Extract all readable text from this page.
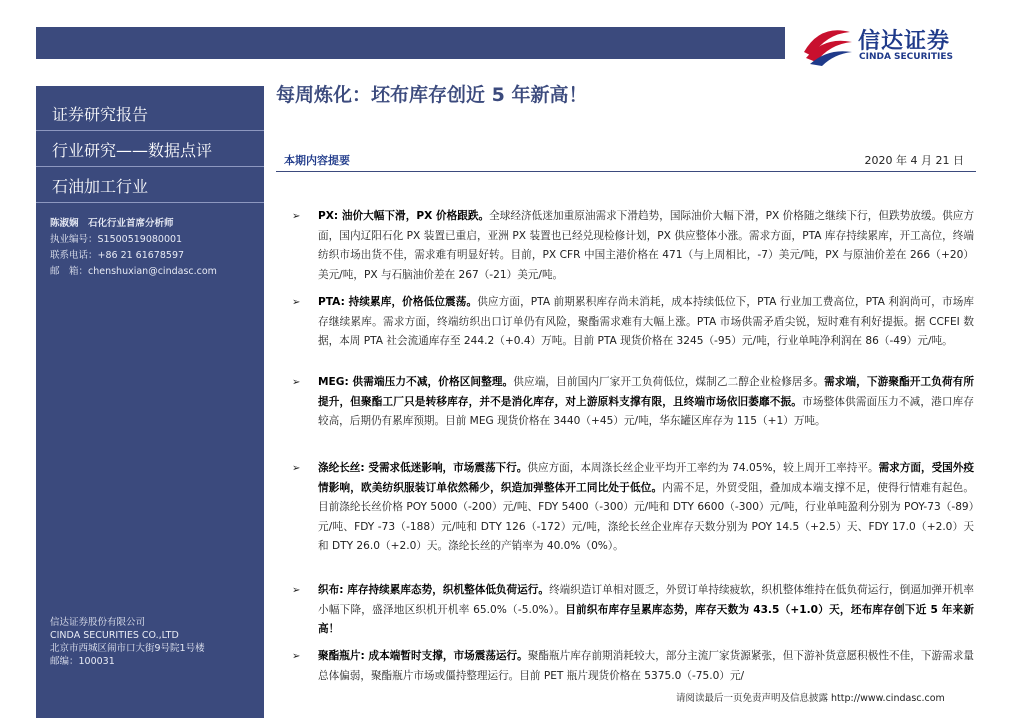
信达证券
CINDA SECURITIES
证券研究报告
行业研究——数据点评
石油加工行业
陈淑娴　 石化行业首席分析师
执业编号：S1500519080001
联系电话：+86 21 61678597
邮　箱：chenshuxian@cindasc.com
信达证券股份有限公司
CINDA SECURITIES CO.,LTD
北京市西城区闹市口大街9号院1号楼
邮编：100031
每周炼化：坯布库存创近 5 年新高！
本期内容提要	2020 年 4 月 21 日
➢ PX: 油价大幅下滑，PX 价格跟跌。全球经济低迷加重原油需求下滑趋势，国际油价大幅下滑，PX 价格随之继续下行，但跌势放缓。供应方面，国内辽阳石化 PX 装置已重启，亚洲 PX 装置也已经兑现检修计划，PX 供应整体小涨。需求方面，PTA 库存持续累库，开工高位，终端纺织市场出货不佳，需求难有明显好转。目前，PX CFR 中国主港价格在 471（与上周相比，-7）美元/吨，PX 与原油价差在 266（+20）美元/吨，PX 与石脑油价差在 267（-21）美元/吨。
➢ PTA: 持续累库，价格低位震荡。供应方面，PTA 前期累积库存尚未消耗，成本持续低位下，PTA 行业加工费高位，PTA 利润尚可，市场库存继续累库。需求方面，终端纺织出口订单仍有风险，聚酯需求难有大幅上涨。PTA 市场供需矛盾尖锐，短时难有利好提振。据 CCFEI 数据，本周 PTA 社会流通库存至 244.2（+0.4）万吨。目前 PTA 现货价格在 3245（-95）元/吨，行业单吨净利润在 86（-49）元/吨。
➢ MEG: 供需端压力不减，价格区间整理。供应端，目前国内厂家开工负荷低位，煤制乙二醇企业检修居多。需求端，下游聚酯开工负荷有所提升，但聚酯工厂只是转移库存，并不是消化库存，对上游原料支撑有限，且终端市场依旧萎靡不振。市场整体供需面压力不减，港口库存较高，后期仍有累库预期。目前 MEG 现货价格在 3440（+45）元/吨，华东罐区库存为 115（+1）万吨。
➢ 涤纶长丝: 受需求低迷影响，市场震荡下行。供应方面，本周涤长丝企业平均开工率约为 74.05%，较上周开工率持平。需求方面，受国外疫情影响，欧美纺织服装订单依然稀少，织造加弹整体开工同比处于低位。内需不足，外贸受阻，叠加成本端支撑不足，使得行情难有起色。目前涤纶长丝价格 POY 5000（-200）元/吨、FDY 5400（-300）元/吨和 DTY 6600（-300）元/吨，行业单吨盈利分别为 POY-73（-89）元/吨、FDY -73（-188）元/吨和 DTY 126（-172）元/吨，涤纶长丝企业库存天数分别为 POY 14.5（+2.5）天、FDY 17.0（+2.0）天和 DTY 26.0（+2.0）天。涤纶长丝的产销率为 40.0%（0%）。
➢ 织布: 库存持续累库态势，织机整体低负荷运行。终端织造订单相对匮乏，外贸订单持续疲软，织机整体维持在低负荷运行，倒逼加弹开机率小幅下降，盛泽地区织机开机率 65.0%（-5.0%）。目前织布库存呈累库态势，库存天数为 43.5（+1.0）天，坯布库存创下近 5 年来新高！
➢ 聚酯瓶片: 成本端暂时支撑，市场震荡运行。聚酯瓶片库存前期消耗较大，部分主流厂家货源紧张，但下游补货意愿积极性不佳，下游需求量总体偏弱，聚酯瓶片市场或僵持整理运行。目前 PET 瓶片现货价格在 5375.0（-75.0）元/
请阅读最后一页免责声明及信息披露 http://www.cindasc.com
